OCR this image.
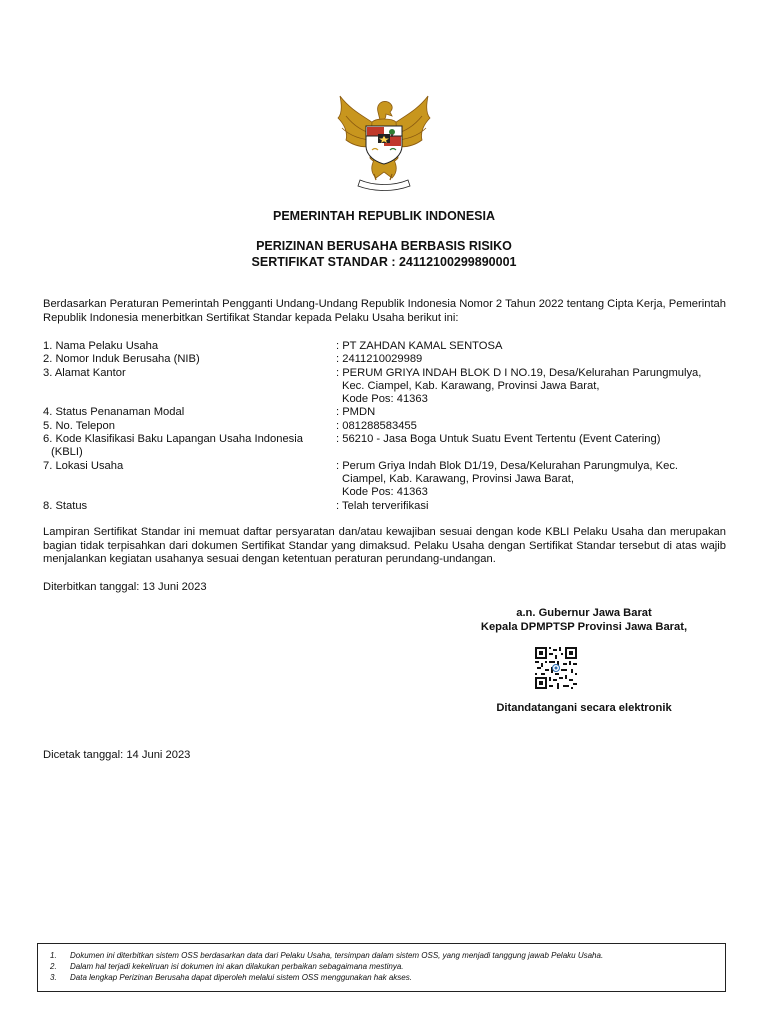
PEMERINTAH REPUBLIK INDONESIA
PERIZINAN BERUSAHA BERBASIS RISIKO
SERTIFIKAT STANDAR : 24112100299890001
Berdasarkan Peraturan Pemerintah Pengganti Undang-Undang Republik Indonesia Nomor 2 Tahun 2022 tentang Cipta Kerja, Pemerintah Republik Indonesia menerbitkan Sertifikat Standar kepada Pelaku Usaha berikut ini:
1. Nama Pelaku Usaha	: PT ZAHDAN KAMAL SENTOSA
2. Nomor Induk Berusaha (NIB)	: 2411210029989
3. Alamat Kantor	: PERUM GRIYA INDAH BLOK D I NO.19, Desa/Kelurahan Parungmulya,
Kec. Ciampel, Kab. Karawang, Provinsi Jawa Barat,
Kode Pos: 41363
4. Status Penanaman Modal	: PMDN
5. No. Telepon	: 081288583455
6. Kode Klasifikasi Baku Lapangan Usaha Indonesia
(KBLI)
: 56210 - Jasa Boga Untuk Suatu Event Tertentu (Event Catering)
7. Lokasi Usaha	: Perum Griya Indah Blok D1/19, Desa/Kelurahan Parungmulya, Kec.
Ciampel, Kab. Karawang, Provinsi Jawa Barat,
Kode Pos: 41363
8. Status	: Telah terverifikasi
Lampiran Sertifikat Standar ini memuat daftar persyaratan dan/atau kewajiban sesuai dengan kode KBLI Pelaku Usaha dan merupakan bagian tidak terpisahkan dari dokumen Sertifikat Standar yang dimaksud. Pelaku Usaha dengan Sertifikat Standar tersebut di atas wajib menjalankan kegiatan usahanya sesuai dengan ketentuan peraturan perundang-undangan.
Diterbitkan tanggal: 13 Juni 2023
a.n. Gubernur Jawa Barat
Kepala DPMPTSP Provinsi Jawa Barat,
Ditandatangani secara elektronik
Dicetak tanggal: 14 Juni 2023
1.	Dokumen ini diterbitkan sistem OSS berdasarkan data dari Pelaku Usaha, tersimpan dalam sistem OSS, yang menjadi tanggung jawab Pelaku Usaha.
2.	Dalam hal terjadi kekeliruan isi dokumen ini akan dilakukan perbaikan sebagaimana mestinya.
3.	Data lengkap Perizinan Berusaha dapat diperoleh melalui sistem OSS menggunakan hak akses.
